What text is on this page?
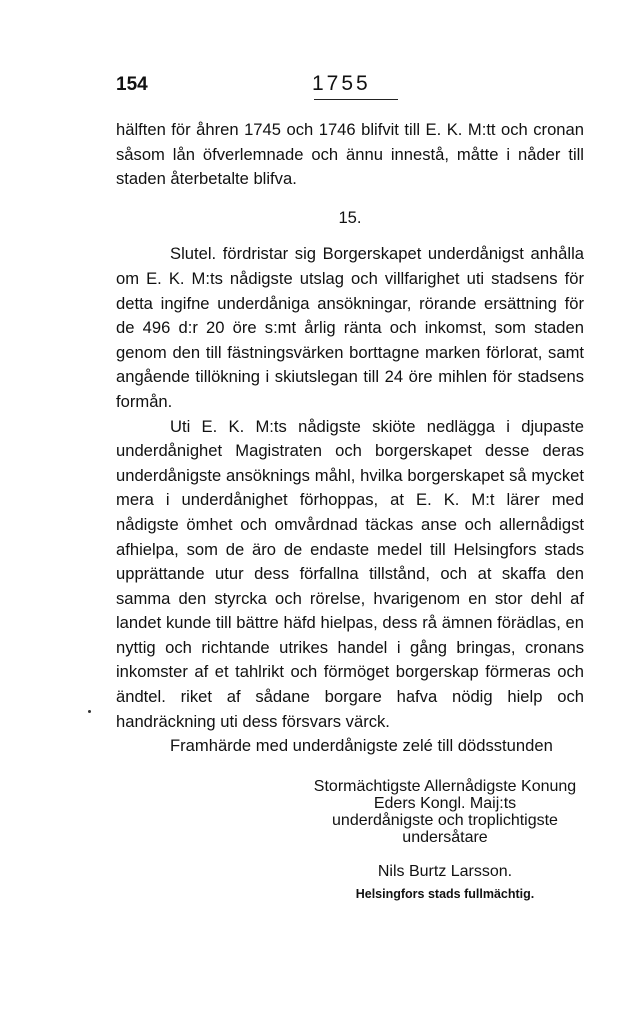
154	1755

hälften för åhren 1745 och 1746 blifvit till E. K. M:tt och cronan såsom lån öfverlemnade och ännu innestå, måtte i nåder till staden återbetalte blifva.

15.

Slutel. fördristar sig Borgerskapet underdånigst anhålla om E. K. M:ts nådigste utslag och villfarighet uti stadsens för detta ingifne underdåniga ansökningar, rörande ersättning för de 496 d:r 20 öre s:mt årlig ränta och inkomst, som staden genom den till fästningsvärken borttagne marken förlorat, samt angående tillökning i skiutslegan till 24 öre mihlen för stadsens formån.

Uti E. K. M:ts nådigste skiöte nedlägga i djupaste underdånighet Magistraten och borgerskapet desse deras underdånigste ansöknings måhl, hvilka borgerskapet så mycket mera i underdånighet förhoppas, at E. K. M:t lärer med nådigste ömhet och omvårdnad täckas anse och allernådigst afhielpa, som de äro de endaste medel till Helsingfors stads upprättande utur dess förfallna tillstånd, och at skaffa den samma den styrcka och rörelse, hvarigenom en stor dehl af landet kunde till bättre häfd hielpas, dess rå ämnen förädlas, en nyttig och richtande utrikes handel i gång bringas, cronans inkomster af et tahlrikt och förmöget borgerskap förmeras och ändtel. riket af sådane borgare hafva nödig hielp och handräckning uti dess försvars värck.

Framhärde med underdånigste zelé till dödsstunden

Stormächtigste Allernådigste Konung
Eders Kongl. Maij:ts
underdånigste och troplichtigste
undersåtare
Nils Burtz Larsson.
Helsingfors stads fullmächtig.
